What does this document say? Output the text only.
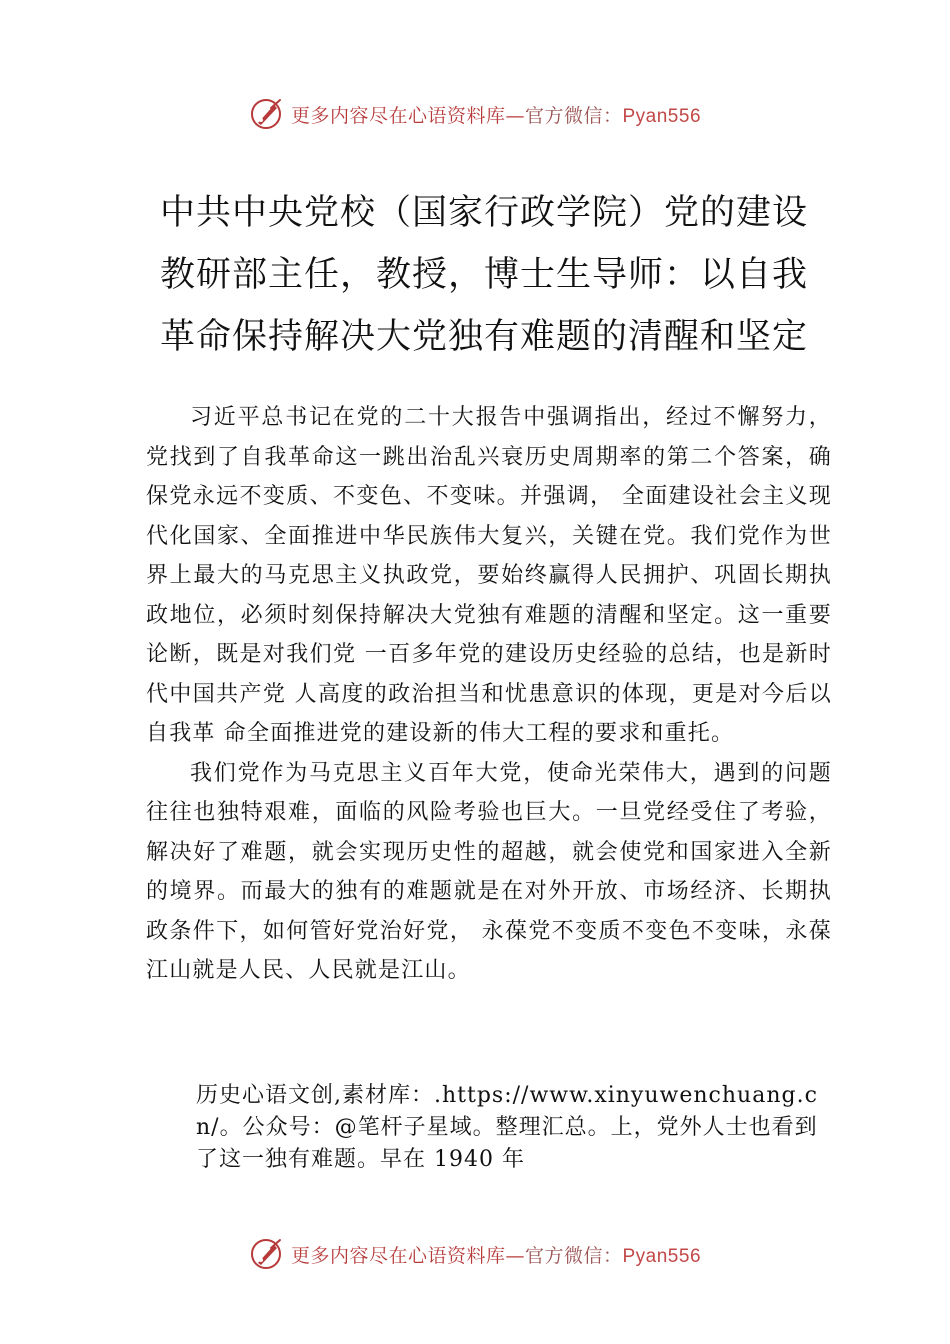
更多内容尽在心语资料库—官方微信：Pyan556
中共中央党校（国家行政学院）党的建设
教研部主任，教授，博士生导师：以自我
革命保持解决大党独有难题的清醒和坚定

习近平总书记在党的二十大报告中强调指出，经过不懈努力，党找到了自我革命这一跳出治乱兴衰历史周期率的第二个答案，确保党永远不变质、不变色、不变味。并强调， 全面建设社会主义现代化国家、全面推进中华民族伟大复兴，关键在党。我们党作为世界上最大的马克思主义执政党，要始终赢得人民拥护、巩固长期执政地位，必须时刻保持解决大党独有难题的清醒和坚定。这一重要论断，既是对我们党 一百多年党的建设历史经验的总结，也是新时代中国共产党 人高度的政治担当和忧患意识的体现，更是对今后以自我革 命全面推进党的建设新的伟大工程的要求和重托。

我们党作为马克思主义百年大党，使命光荣伟大，遇到的问题往往也独特艰难，面临的风险考验也巨大。一旦党经受住了考验，解决好了难题，就会实现历史性的超越，就会使党和国家进入全新的境界。而最大的独有的难题就是在对外开放、市场经济、长期执政条件下，如何管好党治好党， 永葆党不变质不变色不变味，永葆江山就是人民、人民就是江山。

历史心语文创,素材库：.https://www.xinyuwenchuang.cn/。公众号：@笔杆子星域。整理汇总。上，党外人士也看到了这一独有难题。早在 1940 年
更多内容尽在心语资料库—官方微信：Pyan556
